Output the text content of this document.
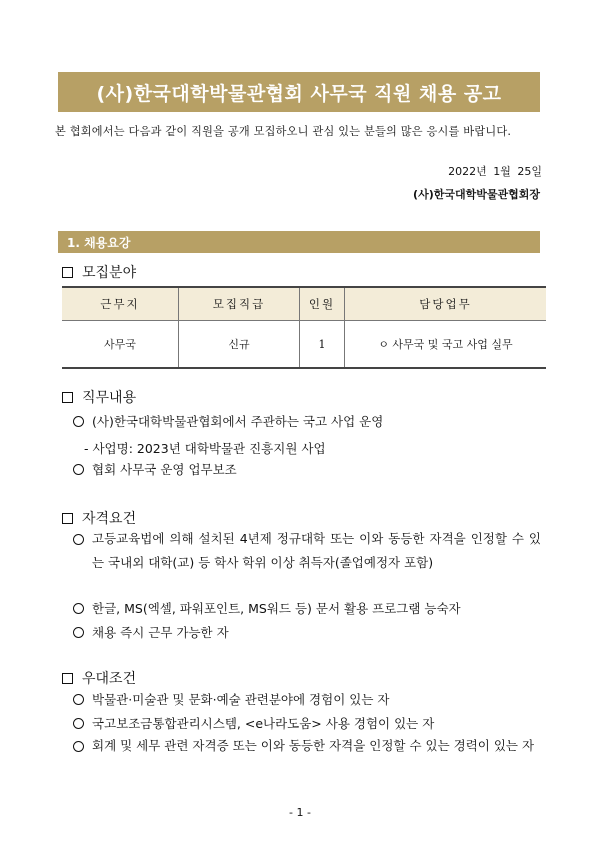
(사)한국대학박물관협회 사무국 직원 채용 공고
본 협회에서는 다음과 같이 직원을 공개 모집하오니 관심 있는 분들의 많은 응시를 바랍니다.
2022년 1월 25일
(사)한국대학박물관협회장
1. 채용요강
모집분야
근무지	모집직급	인원	담당업무
사무국	신규	1	ㅇ 사무국 및 국고 사업 실무
직무내용
(사)한국대학박물관협회에서 주관하는 국고 사업 운영
- 사업명: 2023년 대학박물관 진흥지원 사업
협회 사무국 운영 업무보조
자격요건
고등교육법에 의해 설치된 4년제 정규대학 또는 이와 동등한 자격을 인정할 수 있는 국내외 대학(교) 등 학사 학위 이상 취득자(졸업예정자 포함)
한글, MS(엑셀, 파워포인트, MS워드 등) 문서 활용 프로그램 능숙자
채용 즉시 근무 가능한 자
우대조건
박물관·미술관 및 문화·예술 관련분야에 경험이 있는 자
국고보조금통합관리시스템, <e나라도움> 사용 경험이 있는 자
회계 및 세무 관련 자격증 또는 이와 동등한 자격을 인정할 수 있는 경력이 있는 자
- 1 -
